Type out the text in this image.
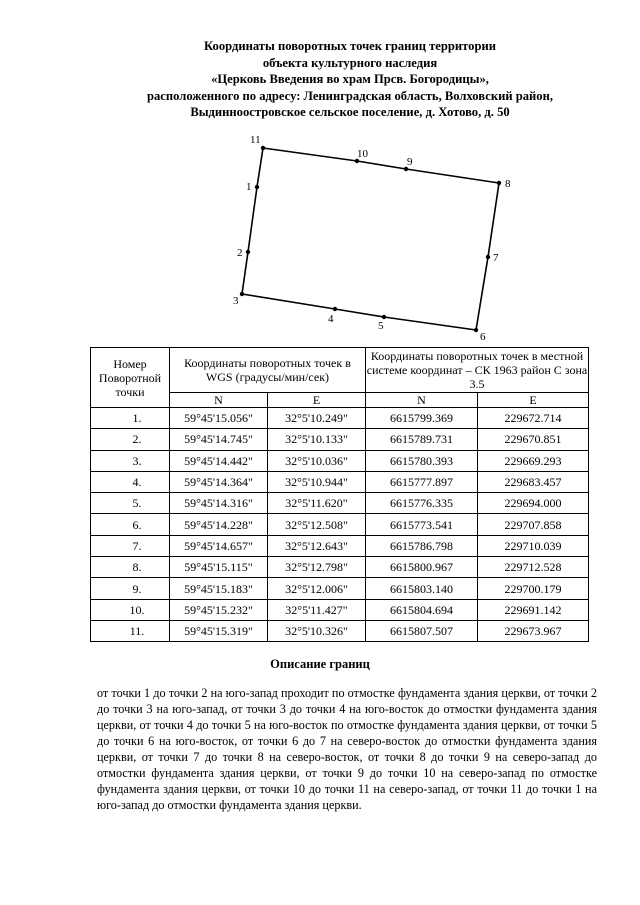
Координаты поворотных точек границ территории
объекта культурного наследия
«Церковь Введения во храм Прсв. Богородицы»,
расположенного по адресу: Ленинградская область, Волховский район,
Выдинноостровское сельское поселение, д. Хотово, д. 50
11
10
9
8
1
2	7
3
4
5
6
Номер Поворотной точки	Координаты поворотных точек в WGS (градусы/мин/сек)		Координаты поворотных точек в местной системе координат – СК 1963 район С зона 3.5	
	N	E	N	E
1.	59°45'15.056"	32°5'10.249"	6615799.369	229672.714
2.	59°45'14.745"	32°5'10.133"	6615789.731	229670.851
3.	59°45'14.442"	32°5'10.036"	6615780.393	229669.293
4.	59°45'14.364"	32°5'10.944"	6615777.897	229683.457
5.	59°45'14.316"	32°5'11.620"	6615776.335	229694.000
6.	59°45'14.228"	32°5'12.508"	6615773.541	229707.858
7.	59°45'14.657"	32°5'12.643"	6615786.798	229710.039
8.	59°45'15.115"	32°5'12.798"	6615800.967	229712.528
9.	59°45'15.183"	32°5'12.006"	6615803.140	229700.179
10.	59°45'15.232"	32°5'11.427"	6615804.694	229691.142
11.	59°45'15.319"	32°5'10.326"	6615807.507	229673.967
Описание границ
от точки 1 до точки 2 на юго-запад проходит по отмостке фундамента здания церкви, от точки 2 до точки 3 на юго-запад, от точки 3 до точки 4 на юго-восток до отмостки фундамента здания церкви, от точки 4 до точки 5 на юго-восток по отмостке фундамента здания церкви, от точки 5 до точки 6 на юго-восток, от точки 6 до 7 на северо-восток до отмостки фундамента здания церкви, от точки 7 до точки 8 на северо-восток, от точки 8 до точки 9 на северо-запад до отмостки фундамента здания церкви, от точки 9 до точки 10 на северо-запад по отмостке фундамента здания церкви, от точки 10 до точки 11 на северо-запад, от точки 11 до точки 1 на юго-запад до отмостки фундамента здания церкви.
